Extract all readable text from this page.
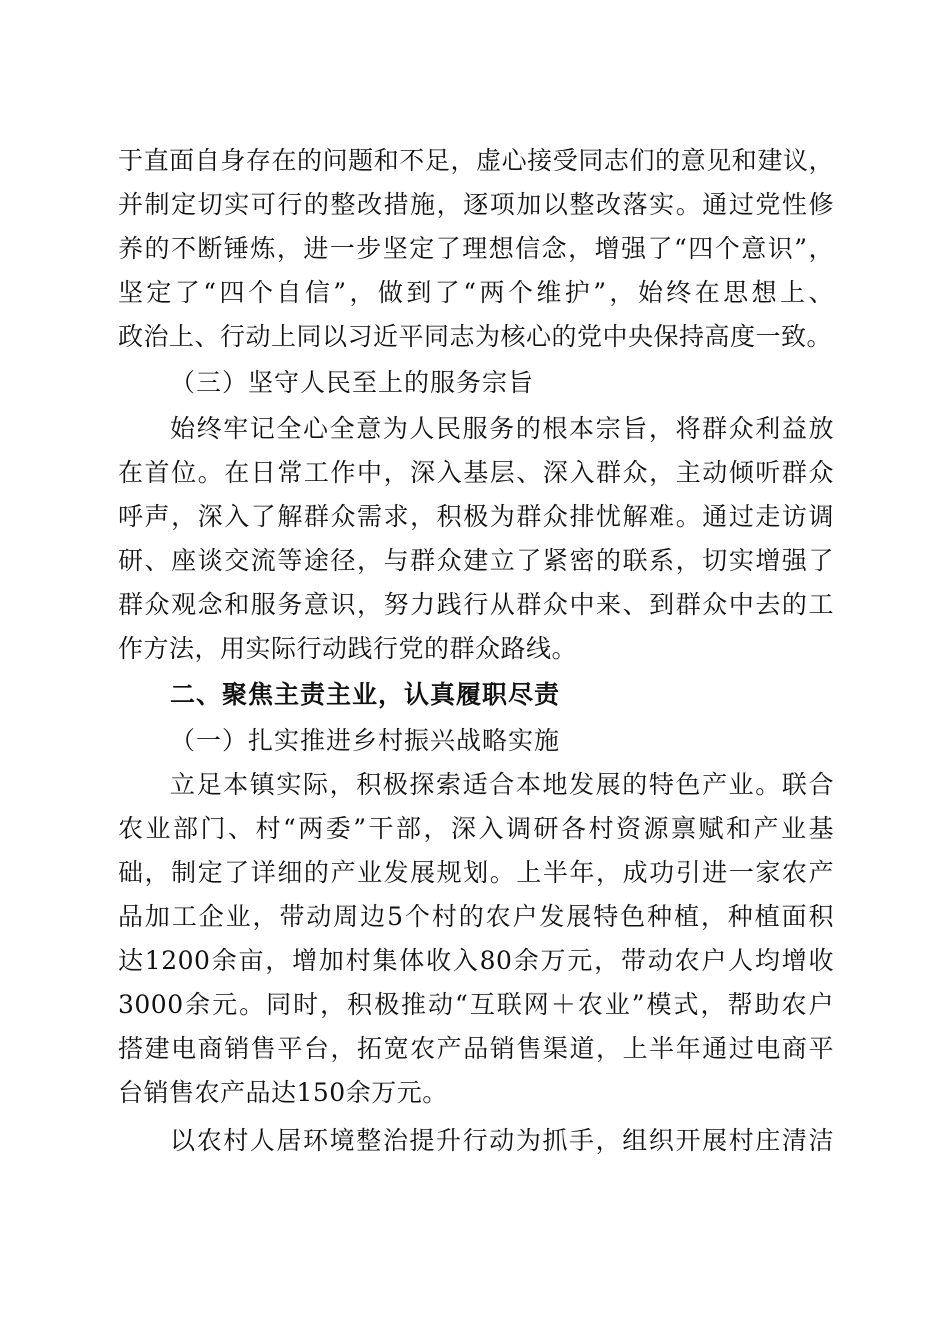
于直面自身存在的问题和不足，虚心接受同志们的意见和建议，
并制定切实可行的整改措施，逐项加以整改落实。通过党性修
养的不断锤炼，进一步坚定了理想信念，增强了“四个意识”，
坚定了“四个自信”，做到了“两个维护”，始终在思想上、
政治上、行动上同以习近平同志为核心的党中央保持高度一致。
（三）坚守人民至上的服务宗旨
始终牢记全心全意为人民服务的根本宗旨，将群众利益放
在首位。在日常工作中，深入基层、深入群众，主动倾听群众
呼声，深入了解群众需求，积极为群众排忧解难。通过走访调
研、座谈交流等途径，与群众建立了紧密的联系，切实增强了
群众观念和服务意识，努力践行从群众中来、到群众中去的工
作方法，用实际行动践行党的群众路线。
二、聚焦主责主业，认真履职尽责
（一）扎实推进乡村振兴战略实施
立足本镇实际，积极探索适合本地发展的特色产业。联合
农业部门、村“两委”干部，深入调研各村资源禀赋和产业基
础，制定了详细的产业发展规划。上半年，成功引进一家农产
品加工企业，带动周边5个村的农户发展特色种植，种植面积
达1200余亩，增加村集体收入80余万元，带动农户人均增收
3000余元。同时，积极推动“互联网＋农业”模式，帮助农户
搭建电商销售平台，拓宽农产品销售渠道，上半年通过电商平
台销售农产品达150余万元。
以农村人居环境整治提升行动为抓手，组织开展村庄清洁
